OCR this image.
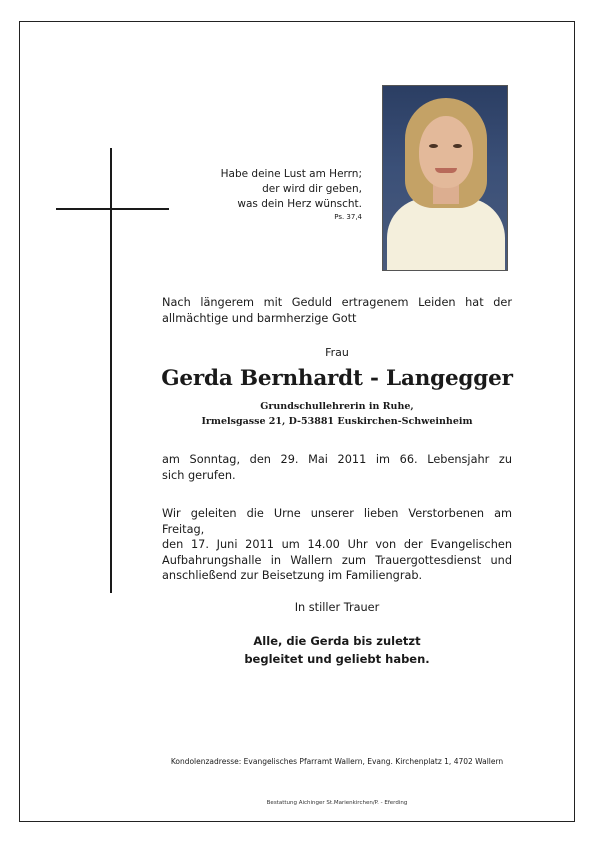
Habe deine Lust am Herrn;
der wird dir geben,
was dein Herz wünscht.
Ps. 37,4
Nach längerem mit Geduld ertragenem Leiden hat der
allmächtige und barmherzige Gott
Frau
Gerda Bernhardt - Langegger
Grundschullehrerin in Ruhe,
Irmelsgasse 21, D-53881 Euskirchen-Schweinheim
am Sonntag, den 29. Mai 2011 im 66. Lebensjahr zu
sich gerufen.
Wir geleiten die Urne unserer lieben Verstorbenen am Freitag,
den 17. Juni 2011 um 14.00 Uhr von der Evangelischen
Aufbahrungshalle in Wallern zum Trauergottesdienst und
anschließend zur Beisetzung im Familiengrab.
In stiller Trauer
Alle, die Gerda bis zuletzt
begleitet und geliebt haben.
Kondolenzadresse: Evangelisches Pfarramt Wallern, Evang. Kirchenplatz 1, 4702 Wallern
Bestattung Aichinger St.Marienkirchen/P. - Eferding
